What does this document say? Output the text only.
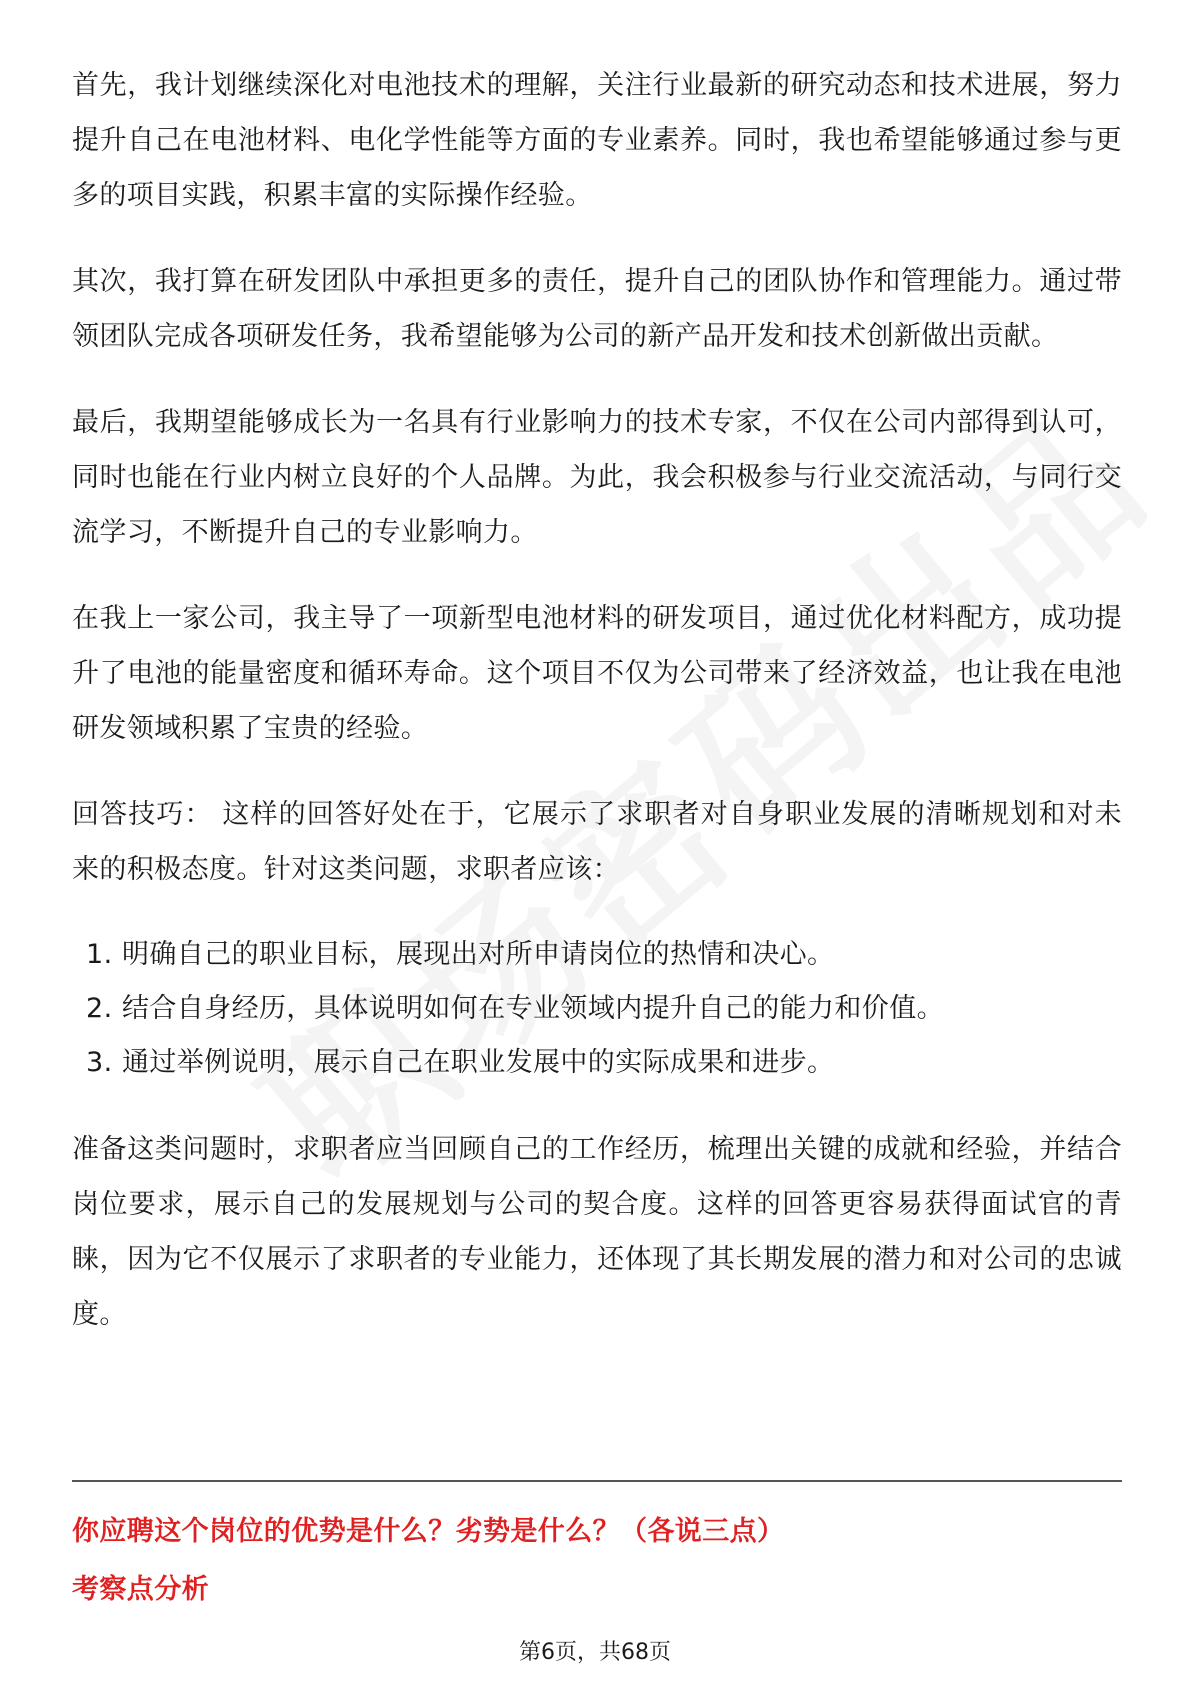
首先，我计划继续深化对电池技术的理解，关注行业最新的研究动态和技术进展，努力提升自己在电池材料、电化学性能等方面的专业素养。同时，我也希望能够通过参与更多的项目实践，积累丰富的实际操作经验。

其次，我打算在研发团队中承担更多的责任，提升自己的团队协作和管理能力。通过带领团队完成各项研发任务，我希望能够为公司的新产品开发和技术创新做出贡献。

最后，我期望能够成长为一名具有行业影响力的技术专家，不仅在公司内部得到认可，同时也能在行业内树立良好的个人品牌。为此，我会积极参与行业交流活动，与同行交流学习，不断提升自己的专业影响力。

在我上一家公司，我主导了一项新型电池材料的研发项目，通过优化材料配方，成功提升了电池的能量密度和循环寿命。这个项目不仅为公司带来了经济效益，也让我在电池研发领域积累了宝贵的经验。

回答技巧： 这样的回答好处在于，它展示了求职者对自身职业发展的清晰规划和对未来的积极态度。针对这类问题，求职者应该：

1. 明确自己的职业目标，展现出对所申请岗位的热情和决心。
2. 结合自身经历，具体说明如何在专业领域内提升自己的能力和价值。
3. 通过举例说明，展示自己在职业发展中的实际成果和进步。

准备这类问题时，求职者应当回顾自己的工作经历，梳理出关键的成就和经验，并结合岗位要求，展示自己的发展规划与公司的契合度。这样的回答更容易获得面试官的青睐，因为它不仅展示了求职者的专业能力，还体现了其长期发展的潜力和对公司的忠诚度。

你应聘这个岗位的优势是什么？劣势是什么？（各说三点）
考察点分析
第6页，共68页
